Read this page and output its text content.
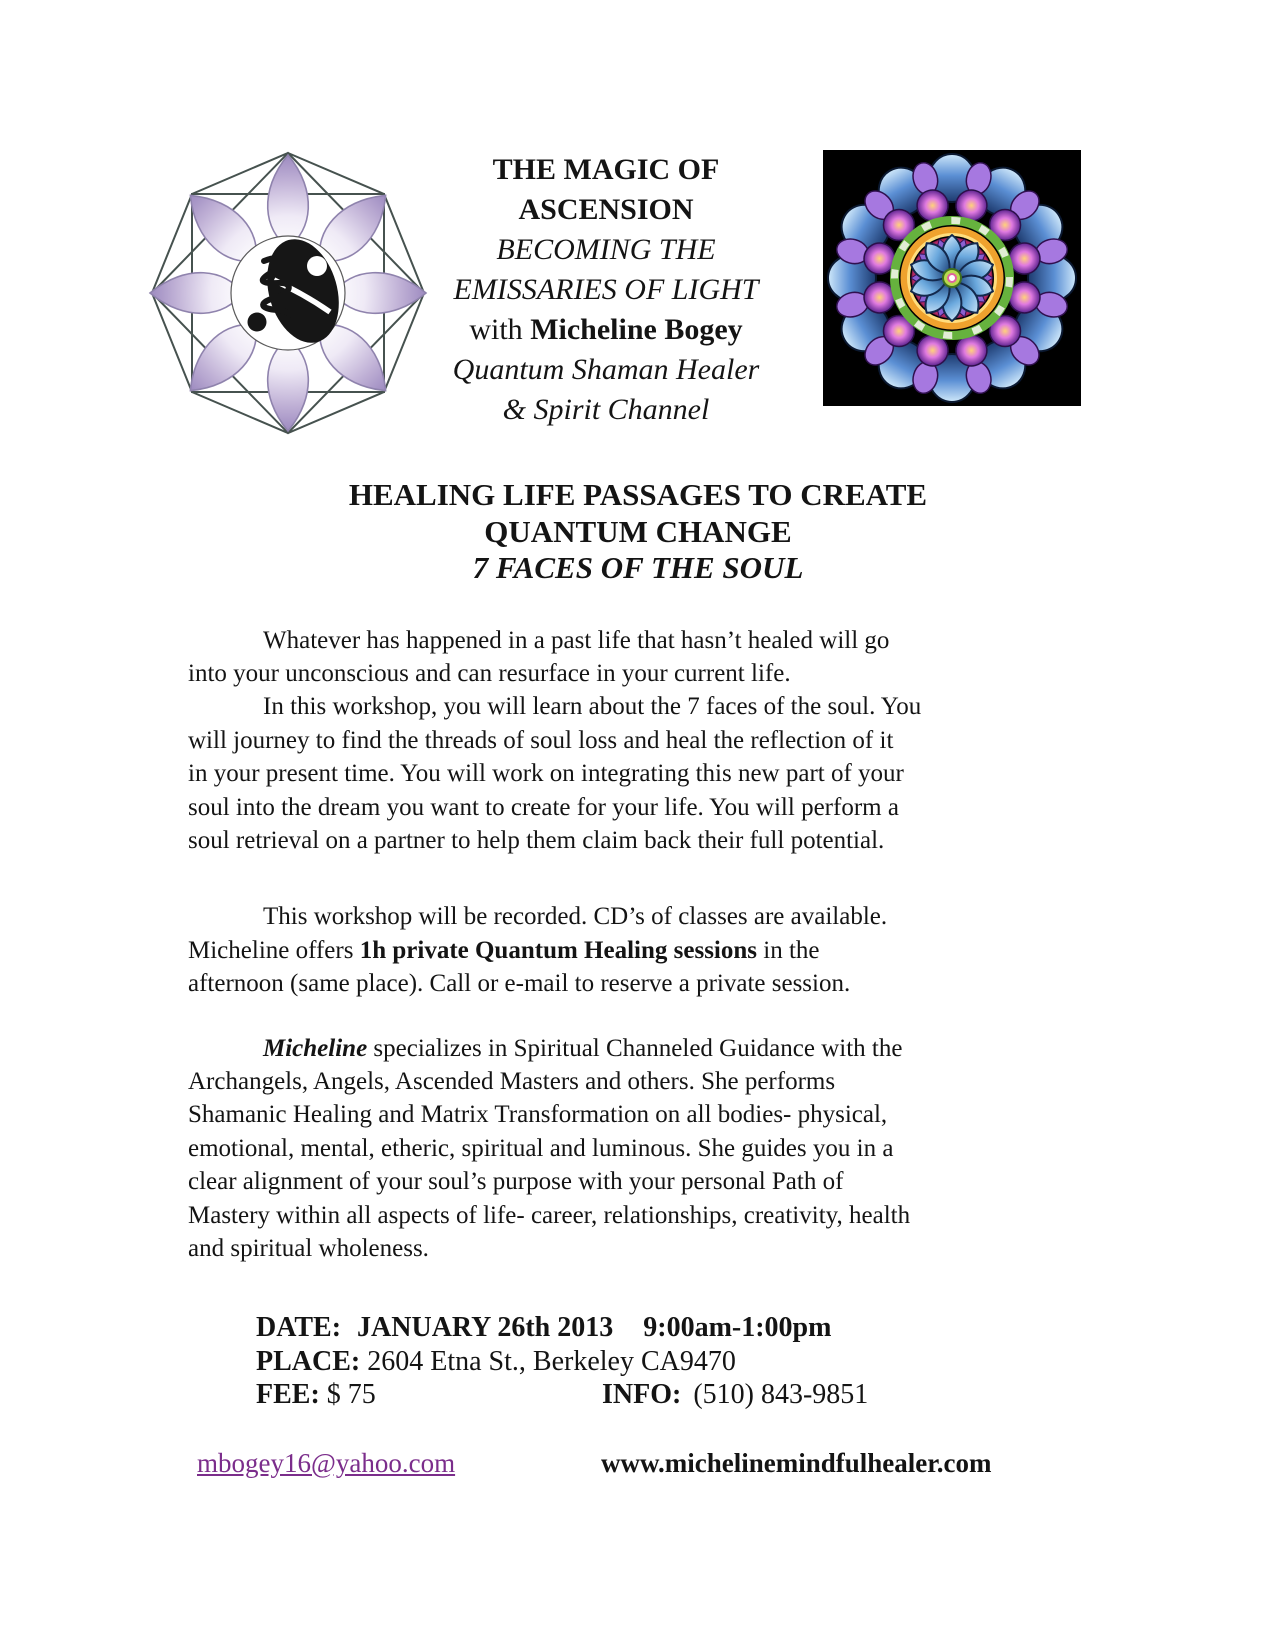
THE MAGIC OF
ASCENSION
BECOMING THE
EMISSARIES OF LIGHT
with Micheline Bogey
Quantum Shaman Healer
& Spirit Channel
HEALING LIFE PASSAGES TO CREATE
QUANTUM CHANGE
7 FACES OF THE SOUL
Whatever has happened in a past life that hasn’t healed will go
into your unconscious and can resurface in your current life.
In this workshop, you will learn about the 7 faces of the soul. You
will journey to find the threads of soul loss and heal the reflection of it
in your present time. You will work on integrating this new part of your
soul into the dream you want to create for your life. You will perform a
soul retrieval on a partner to help them claim back their full potential.
This workshop will be recorded. CD’s of classes are available.
Micheline offers 1h private Quantum Healing sessions in the
afternoon (same place). Call or e-mail to reserve a private session.
Micheline specializes in Spiritual Channeled Guidance with the
Archangels, Angels, Ascended Masters and others. She performs
Shamanic Healing and Matrix Transformation on all bodies- physical,
emotional, mental, etheric, spiritual and luminous. She guides you in a
clear alignment of your soul’s purpose with your personal Path of
Mastery within all aspects of life- career, relationships, creativity, health
and spiritual wholeness.
DATE: JANUARY 26th 2013 9:00am-1:00pm
PLACE: 2604 Etna St., Berkeley CA9470
FEE: $ 75	INFO: (510) 843-9851
mbogey16@yahoo.com	www.michelinemindfulhealer.com
